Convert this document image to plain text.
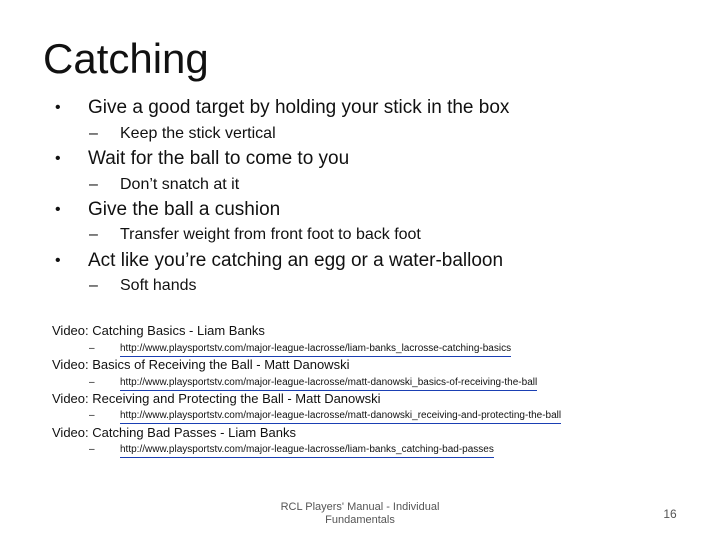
Catching
• Give a good target by holding your stick in the box
– Keep the stick vertical
• Wait for the ball to come to you
– Don’t snatch at it
• Give the ball a cushion
– Transfer weight from front foot to back foot
• Act like you’re catching an egg or a water-balloon
– Soft hands
Video: Catching Basics - Liam Banks
–	http://www.playsportstv.com/major-league-lacrosse/liam-banks_lacrosse-catching-basics
Video: Basics of Receiving the Ball - Matt Danowski
–	http://www.playsportstv.com/major-league-lacrosse/matt-danowski_basics-of-receiving-the-ball
Video: Receiving and Protecting the Ball - Matt Danowski
–	http://www.playsportstv.com/major-league-lacrosse/matt-danowski_receiving-and-protecting-the-ball
Video: Catching Bad Passes - Liam Banks
–	http://www.playsportstv.com/major-league-lacrosse/liam-banks_catching-bad-passes
RCL Players' Manual - Individual
Fundamentals	16
